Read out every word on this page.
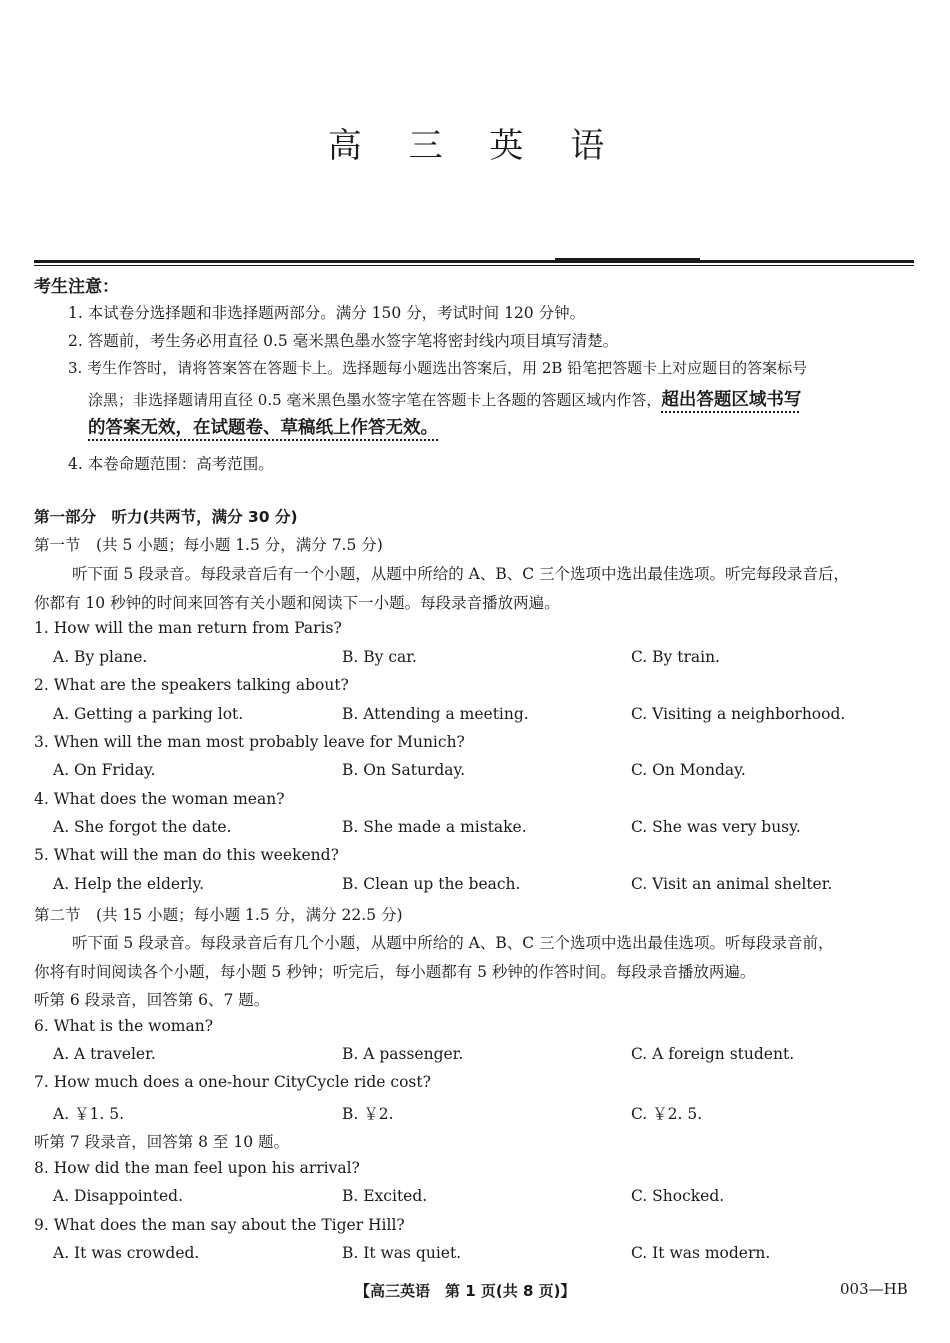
高 三 英 语
考生注意：
1. 本试卷分选择题和非选择题两部分。满分 150 分，考试时间 120 分钟。
2. 答题前，考生务必用直径 0.5 毫米黑色墨水签字笔将密封线内项目填写清楚。
3. 考生作答时，请将答案答在答题卡上。选择题每小题选出答案后，用 2B 铅笔把答题卡上对应题目的答案标号
涂黑；非选择题请用直径 0.5 毫米黑色墨水签字笔在答题卡上各题的答题区域内作答，超出答题区域书写
的答案无效，在试题卷、草稿纸上作答无效。
4. 本卷命题范围：高考范围。
第一部分　听力(共两节，满分 30 分)
第一节　(共 5 小题；每小题 1.5 分，满分 7.5 分)
听下面 5 段录音。每段录音后有一个小题，从题中所给的 A、B、C 三个选项中选出最佳选项。听完每段录音后，
你都有 10 秒钟的时间来回答有关小题和阅读下一小题。每段录音播放两遍。
1. How will the man return from Paris?
A. By plane.	B. By car.	C. By train.
2. What are the speakers talking about?
A. Getting a parking lot.	B. Attending a meeting.	C. Visiting a neighborhood.
3. When will the man most probably leave for Munich?
A. On Friday.	B. On Saturday.	C. On Monday.
4. What does the woman mean?
A. She forgot the date.	B. She made a mistake.	C. She was very busy.
5. What will the man do this weekend?
A. Help the elderly.	B. Clean up the beach.	C. Visit an animal shelter.
第二节　(共 15 小题；每小题 1.5 分，满分 22.5 分)
听下面 5 段录音。每段录音后有几个小题，从题中所给的 A、B、C 三个选项中选出最佳选项。听每段录音前，
你将有时间阅读各个小题，每小题 5 秒钟；听完后，每小题都有 5 秒钟的作答时间。每段录音播放两遍。
听第 6 段录音，回答第 6、7 题。
6. What is the woman?
A. A traveler.	B. A passenger.	C. A foreign student.
7. How much does a one-hour CityCycle ride cost?
A. ￥1. 5.	B. ￥2.	C. ￥2. 5.
听第 7 段录音，回答第 8 至 10 题。
8. How did the man feel upon his arrival?
A. Disappointed.	B. Excited.	C. Shocked.
9. What does the man say about the Tiger Hill?
A. It was crowded.	B. It was quiet.	C. It was modern.
【高三英语　第 1 页(共 8 页)】	003—HB
